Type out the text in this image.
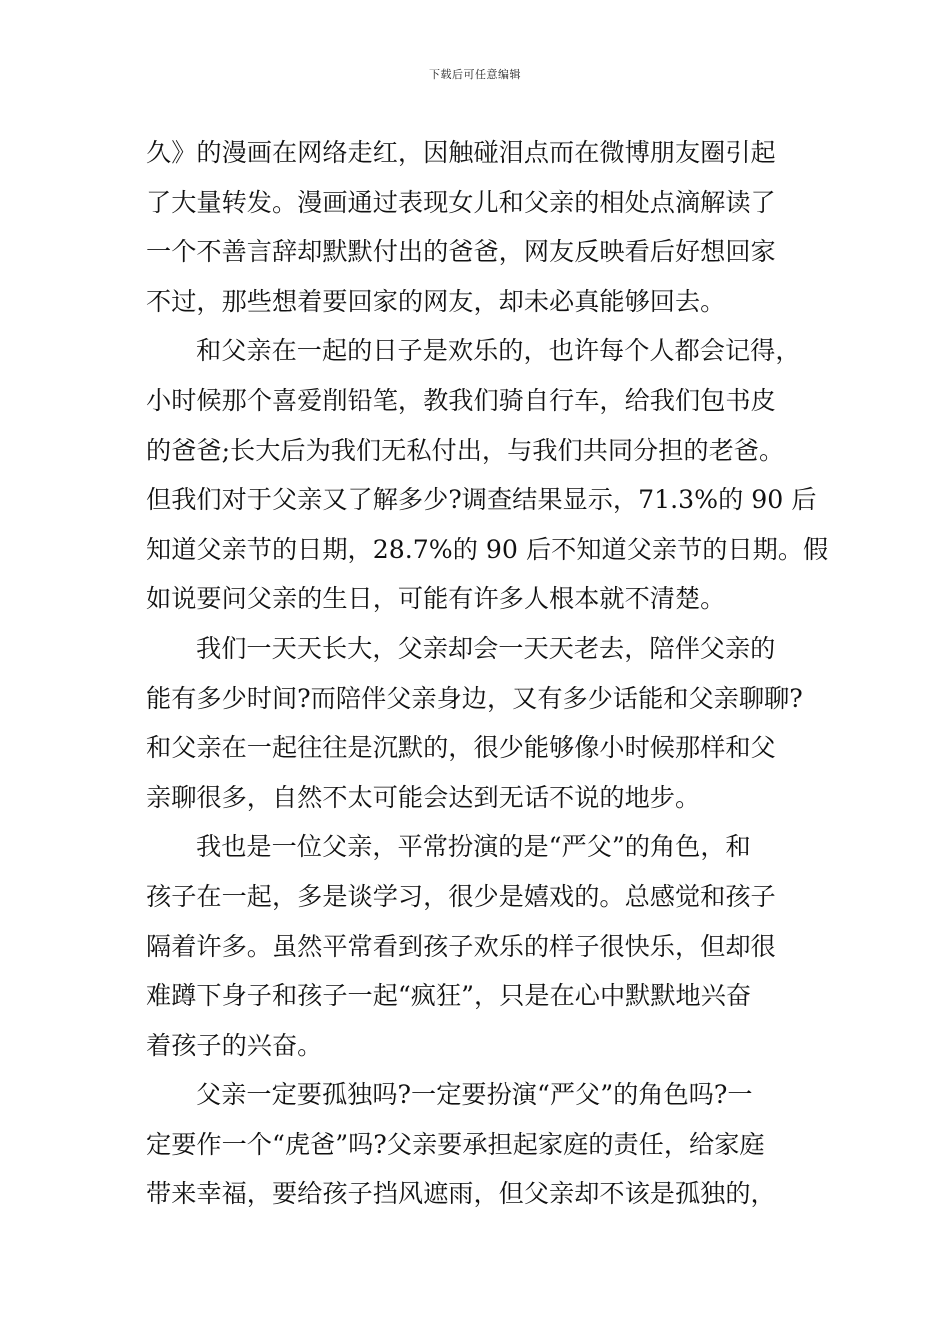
下载后可任意编辑

久》的漫画在网络走红，因触碰泪点而在微博朋友圈引起
了大量转发。漫画通过表现女儿和父亲的相处点滴解读了
一个不善言辞却默默付出的爸爸，网友反映看后好想回家
不过，那些想着要回家的网友，却未必真能够回去。

和父亲在一起的日子是欢乐的，也许每个人都会记得，
小时候那个喜爱削铅笔，教我们骑自行车，给我们包书皮
的爸爸;长大后为我们无私付出，与我们共同分担的老爸。
但我们对于父亲又了解多少?调查结果显示，71.3%的 90 后
知道父亲节的日期，28.7%的 90 后不知道父亲节的日期。假
如说要问父亲的生日，可能有许多人根本就不清楚。

我们一天天长大，父亲却会一天天老去，陪伴父亲的
能有多少时间?而陪伴父亲身边，又有多少话能和父亲聊聊?
和父亲在一起往往是沉默的，很少能够像小时候那样和父
亲聊很多，自然不太可能会达到无话不说的地步。

我也是一位父亲，平常扮演的是“严父”的角色，和
孩子在一起，多是谈学习，很少是嬉戏的。总感觉和孩子
隔着许多。虽然平常看到孩子欢乐的样子很快乐，但却很
难蹲下身子和孩子一起“疯狂”，只是在心中默默地兴奋
着孩子的兴奋。

父亲一定要孤独吗?一定要扮演“严父”的角色吗?一
定要作一个“虎爸”吗?父亲要承担起家庭的责任，给家庭
带来幸福，要给孩子挡风遮雨，但父亲却不该是孤独的，
